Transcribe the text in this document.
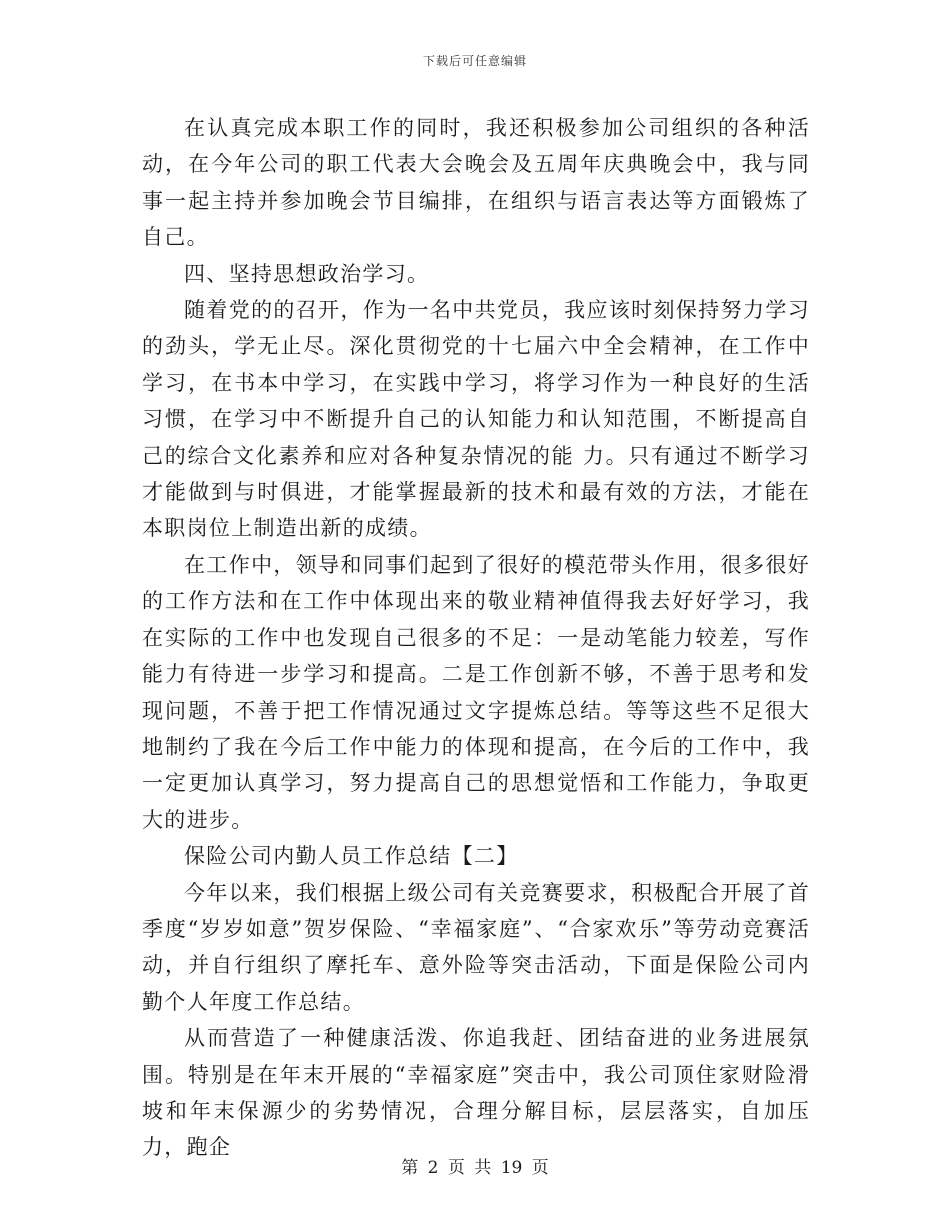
下载后可任意编辑

在认真完成本职工作的同时，我还积极参加公司组织的各种活动，在今年公司的职工代表大会晚会及五周年庆典晚会中，我与同事一起主持并参加晚会节目编排，在组织与语言表达等方面锻炼了自己。

四、坚持思想政治学习。

随着党的的召开，作为一名中共党员，我应该时刻保持努力学习的劲头，学无止尽。深化贯彻党的十七届六中全会精神，在工作中学习，在书本中学习，在实践中学习，将学习作为一种良好的生活习惯，在学习中不断提升自己的认知能力和认知范围，不断提高自己的综合文化素养和应对各种复杂情况的能 力。只有通过不断学习才能做到与时俱进，才能掌握最新的技术和最有效的方法，才能在本职岗位上制造出新的成绩。

在工作中，领导和同事们起到了很好的模范带头作用，很多很好的工作方法和在工作中体现出来的敬业精神值得我去好好学习，我在实际的工作中也发现自己很多的不足：一是动笔能力较差，写作能力有待进一步学习和提高。二是工作创新不够，不善于思考和发现问题，不善于把工作情况通过文字提炼总结。等等这些不足很大地制约了我在今后工作中能力的体现和提高，在今后的工作中，我一定更加认真学习，努力提高自己的思想觉悟和工作能力，争取更大的进步。

保险公司内勤人员工作总结【二】

今年以来，我们根据上级公司有关竞赛要求，积极配合开展了首季度“岁岁如意”贺岁保险、“幸福家庭”、“合家欢乐”等劳动竞赛活动，并自行组织了摩托车、意外险等突击活动，下面是保险公司内勤个人年度工作总结。

从而营造了一种健康活泼、你追我赶、团结奋进的业务进展氛围。特别是在年末开展的“幸福家庭”突击中，我公司顶住家财险滑坡和年末保源少的劣势情况，合理分解目标，层层落实，自加压力，跑企

第 2 页 共 19 页
